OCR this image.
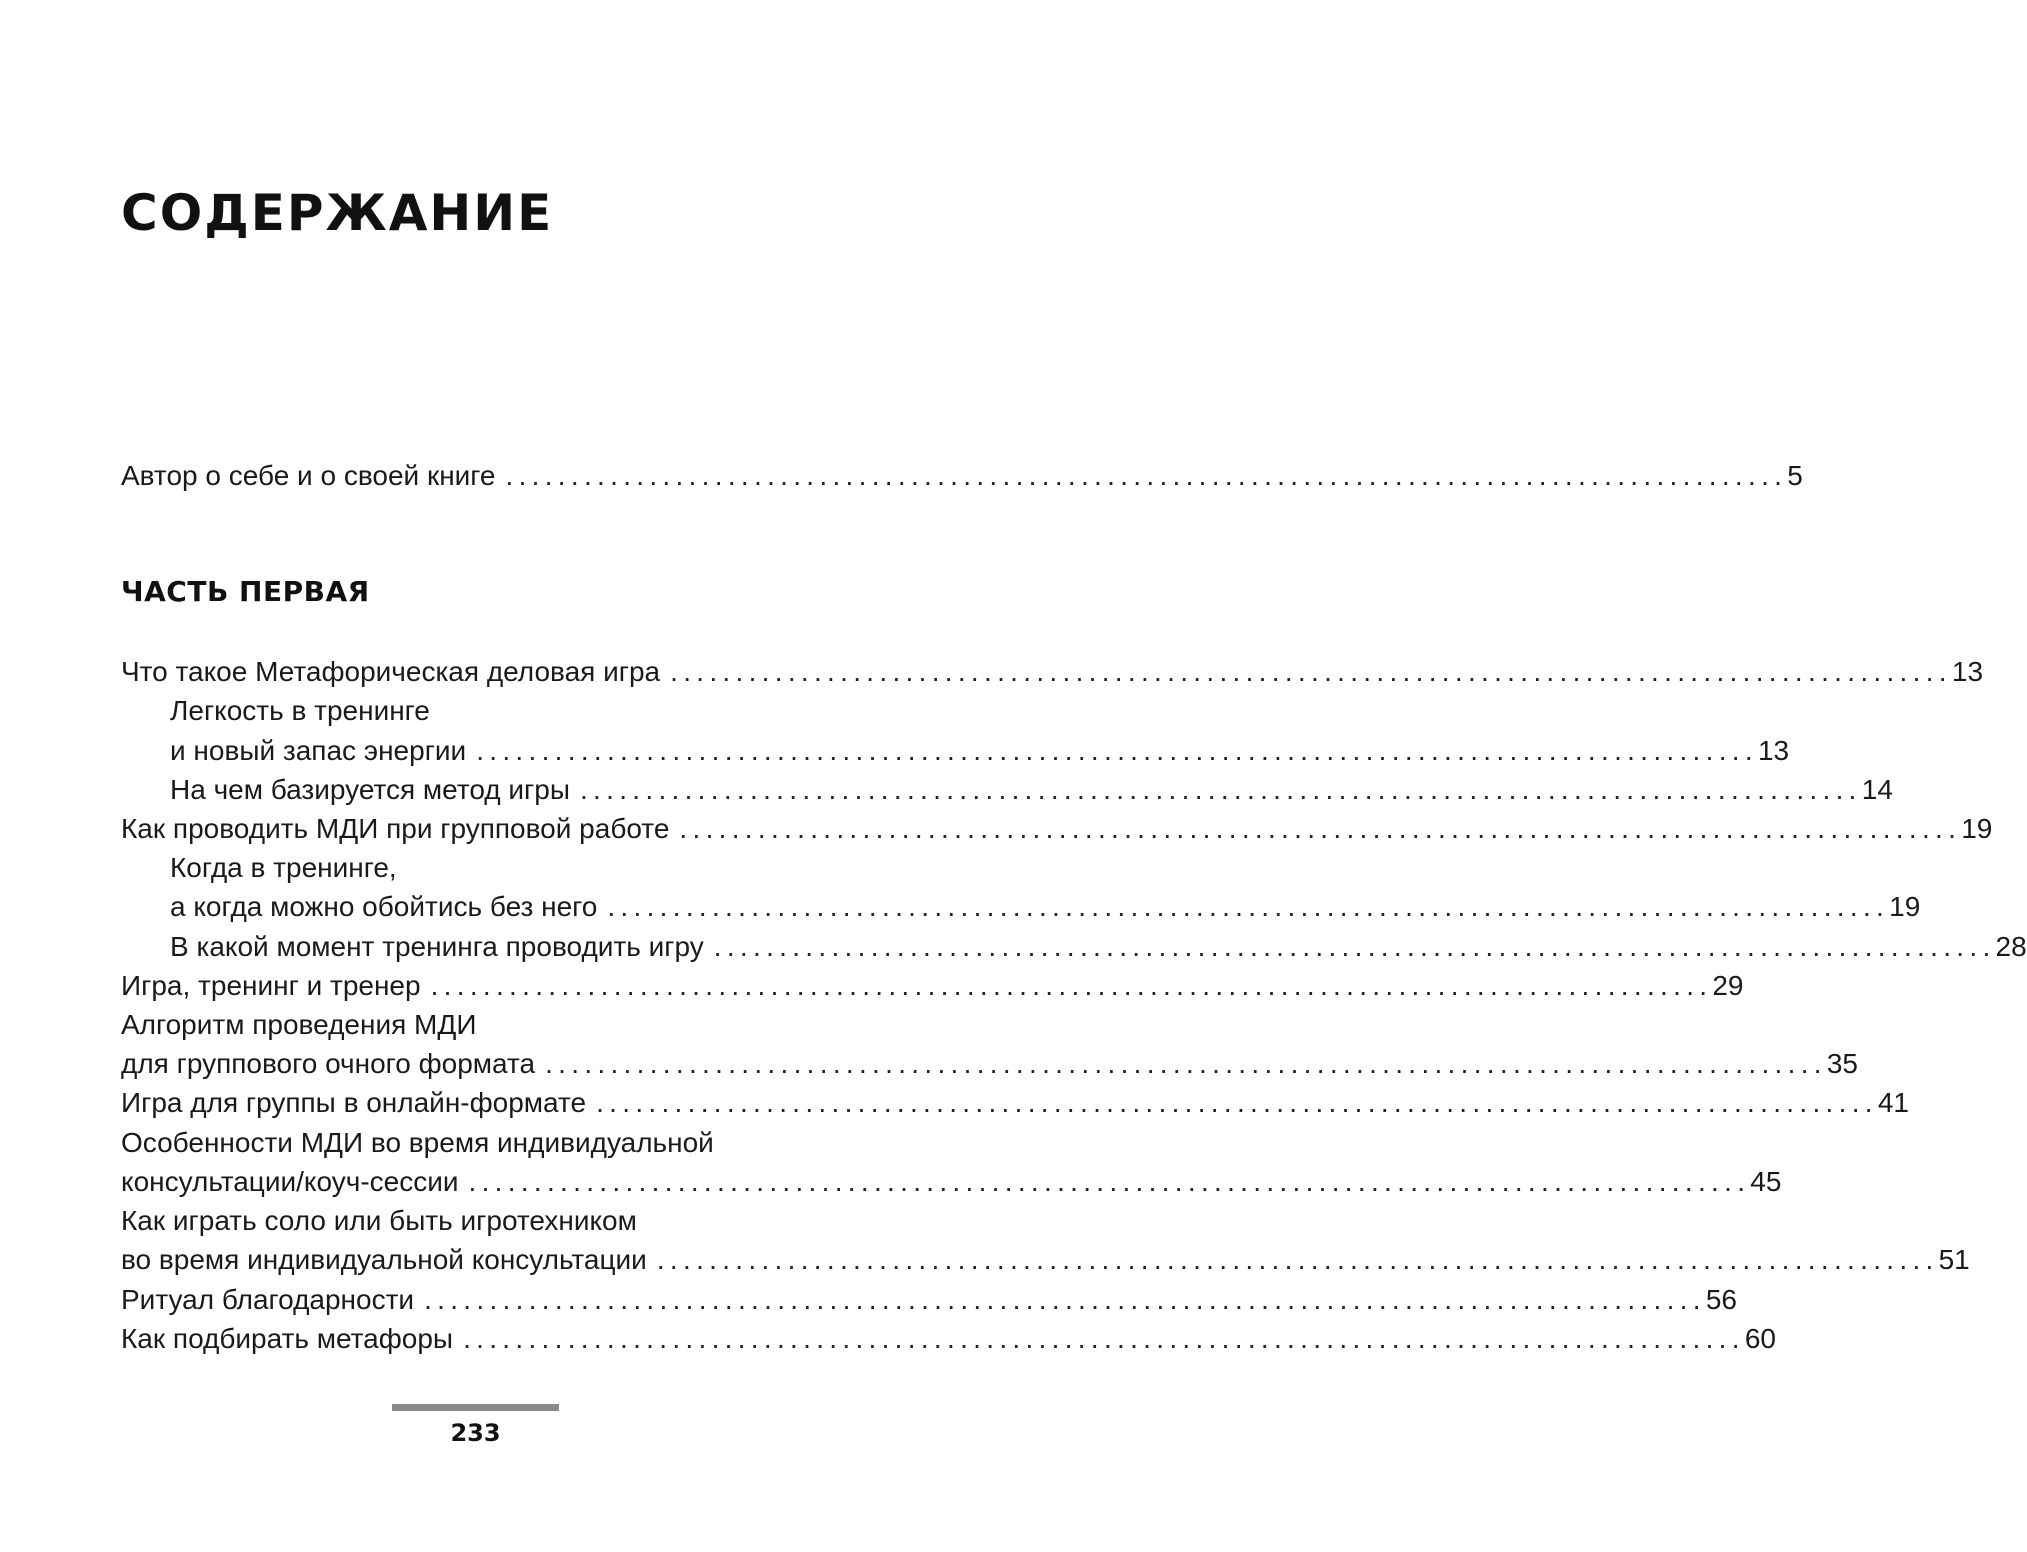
СОДЕРЖАНИЕ
Автор о себе и о своей книге .................................................................................................. 5
ЧАСТЬ ПЕРВАЯ
Что такое Метафорическая деловая игра .................................................................................................. 13
Легкость в тренинге
и новый запас энергии .................................................................................................. 13
На чем базируется метод игры .................................................................................................. 14
Как проводить МДИ при групповой работе .................................................................................................. 19
Когда в тренинге,
а когда можно обойтись без него .................................................................................................. 19
В какой момент тренинга проводить игру .................................................................................................. 28
Игра, тренинг и тренер .................................................................................................. 29
Алгоритм проведения МДИ
для группового очного формата .................................................................................................. 35
Игра для группы в онлайн-формате .................................................................................................. 41
Особенности МДИ во время индивидуальной
консультации/коуч-сессии .................................................................................................. 45
Как играть соло или быть игротехником
во время индивидуальной консультации .................................................................................................. 51
Ритуал благодарности .................................................................................................. 56
Как подбирать метафоры .................................................................................................. 60
233
